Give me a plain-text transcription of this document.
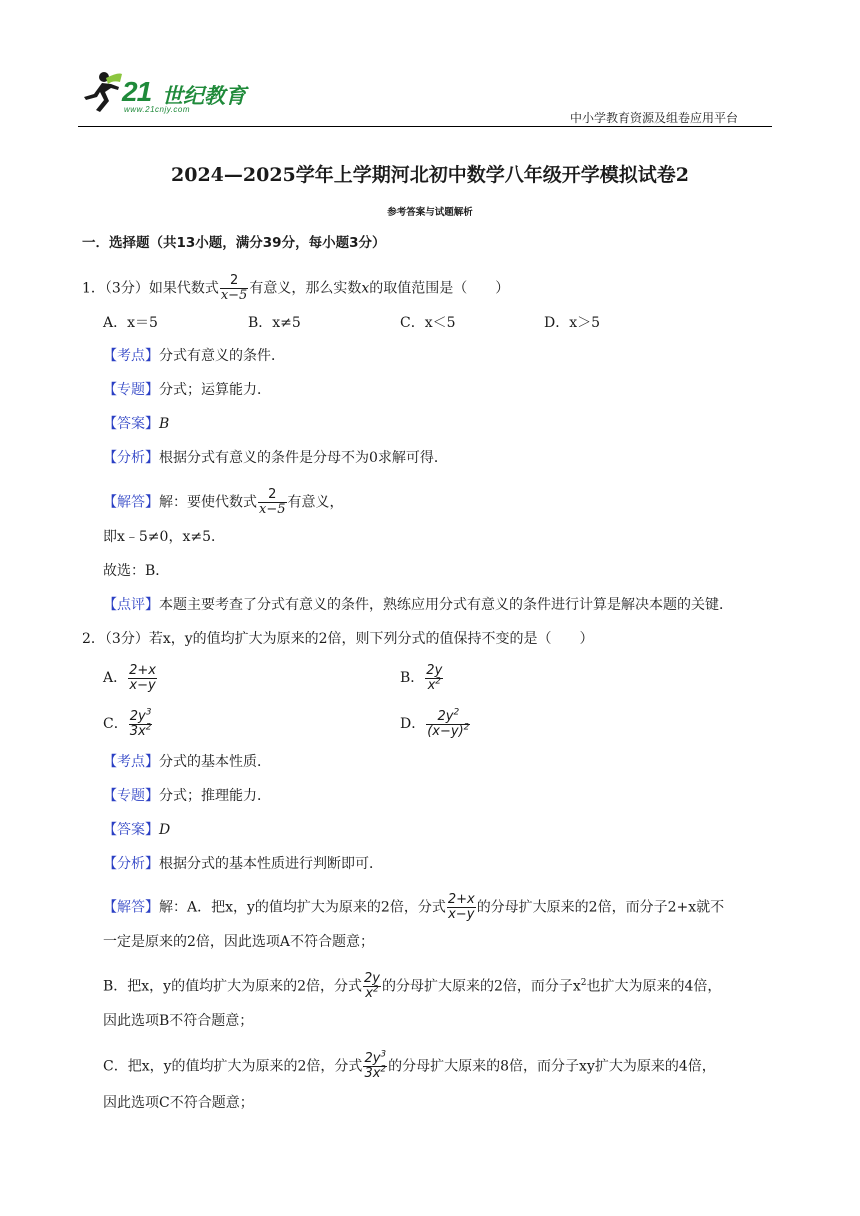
21 世纪教育
www.21cnjy.com
中小学教育资源及组卷应用平台
2024—2025学年上学期河北初中数学八年级开学模拟试卷2
参考答案与试题解析
一．选择题（共13小题，满分39分，每小题3分）
1．（3分）如果代数式 $\frac{2}{x-5}$ 有意义，那么实数x的取值范围是（　　）
A．x＝5	B．x≠5	C．x＜5	D．x＞5
【考点】分式有意义的条件．
【专题】分式；运算能力．
【答案】B
【分析】根据分式有意义的条件是分母不为0求解可得．
【解答】解：要使代数式 $\frac{2}{x-5}$ 有意义，
即x﹣5≠0，x≠5．
故选：B．
【点评】本题主要考查了分式有意义的条件，熟练应用分式有意义的条件进行计算是解决本题的关键．
2．（3分）若x，y的值均扩大为原来的2倍，则下列分式的值保持不变的是（　　）
A． $\frac{2+x}{x-y}$	B． $\frac{2y}{x^2}$
C． $\frac{2y^3}{3x^2}$	D． $\frac{2y^2}{(x-y)^2}$
【考点】分式的基本性质．
【专题】分式；推理能力．
【答案】D
【分析】根据分式的基本性质进行判断即可．
【解答】解：A．把x，y的值均扩大为原来的2倍，分式 $\frac{2+x}{x-y}$ 的分母扩大原来的2倍，而分子2+x就不
一定是原来的2倍，因此选项A不符合题意；
B．把x，y的值均扩大为原来的2倍，分式 $\frac{2y}{x^2}$ 的分母扩大原来的2倍，而分子$x^2$也扩大为原来的4倍，
因此选项B不符合题意；
C．把x，y的值均扩大为原来的2倍，分式 $\frac{2y^3}{3x^2}$ 的分母扩大原来的8倍，而分子xy扩大为原来的4倍，
因此选项C不符合题意；
